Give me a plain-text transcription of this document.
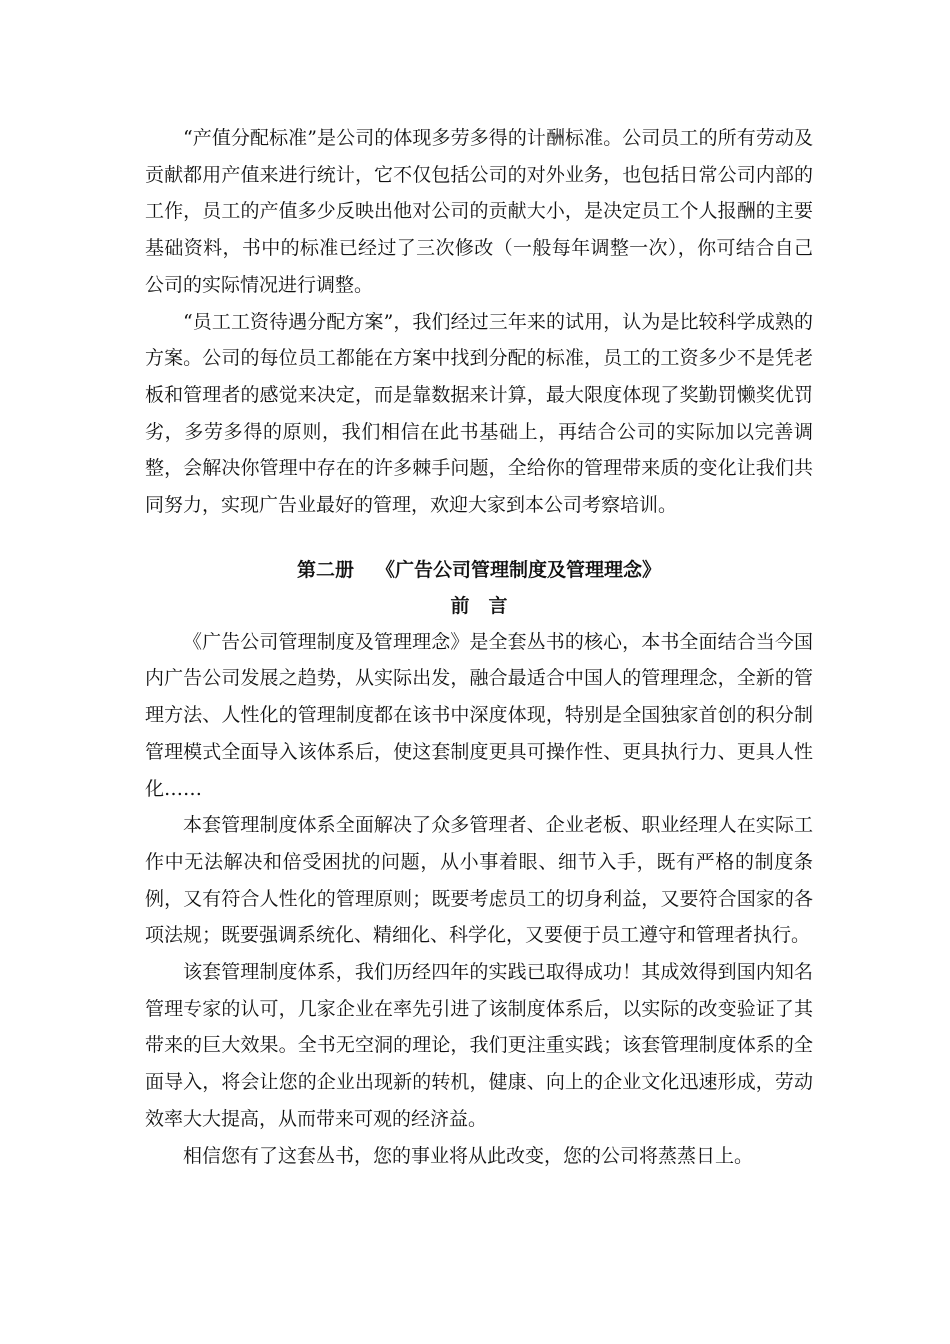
“产值分配标准”是公司的体现多劳多得的计酬标准。公司员工的所有劳动及贡献都用产值来进行统计，它不仅包括公司的对外业务，也包括日常公司内部的工作，员工的产值多少反映出他对公司的贡献大小，是决定员工个人报酬的主要基础资料，书中的标准已经过了三次修改（一般每年调整一次），你可结合自己公司的实际情况进行调整。

“员工工资待遇分配方案”，我们经过三年来的试用，认为是比较科学成熟的方案。公司的每位员工都能在方案中找到分配的标准，员工的工资多少不是凭老板和管理者的感觉来决定，而是靠数据来计算，最大限度体现了奖勤罚懒奖优罚劣，多劳多得的原则，我们相信在此书基础上，再结合公司的实际加以完善调整，会解决你管理中存在的许多棘手问题，全给你的管理带来质的变化让我们共同努力，实现广告业最好的管理，欢迎大家到本公司考察培训。

第二册 《广告公司管理制度及管理理念》
前 言

《广告公司管理制度及管理理念》是全套丛书的核心，本书全面结合当今国内广告公司发展之趋势，从实际出发，融合最适合中国人的管理理念，全新的管理方法、人性化的管理制度都在该书中深度体现，特别是全国独家首创的积分制管理模式全面导入该体系后，使这套制度更具可操作性、更具执行力、更具人性化……

本套管理制度体系全面解决了众多管理者、企业老板、职业经理人在实际工作中无法解决和倍受困扰的问题，从小事着眼、细节入手，既有严格的制度条例，又有符合人性化的管理原则；既要考虑员工的切身利益，又要符合国家的各项法规；既要强调系统化、精细化、科学化，又要便于员工遵守和管理者执行。

该套管理制度体系，我们历经四年的实践已取得成功！其成效得到国内知名管理专家的认可，几家企业在率先引进了该制度体系后，以实际的改变验证了其带来的巨大效果。全书无空洞的理论，我们更注重实践；该套管理制度体系的全面导入，将会让您的企业出现新的转机，健康、向上的企业文化迅速形成，劳动效率大大提高，从而带来可观的经济益。

相信您有了这套丛书，您的事业将从此改变，您的公司将蒸蒸日上。
